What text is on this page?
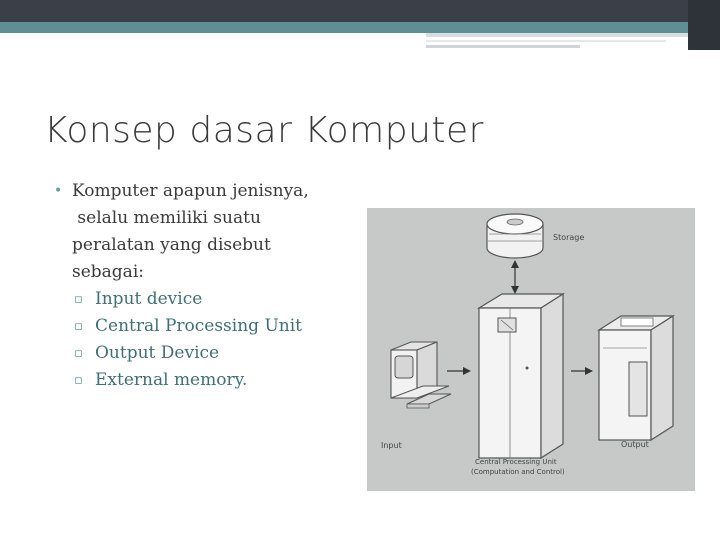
Konsep dasar Komputer
• Komputer apapun jenisnya,
selalu memiliki suatu
peralatan yang disebut
sebagai:
▫ Input device
▫ Central Processing Unit
▫ Output Device
▫ External memory.
Storage
Input	Output
Central Processing Unit
(Computation and Control)
